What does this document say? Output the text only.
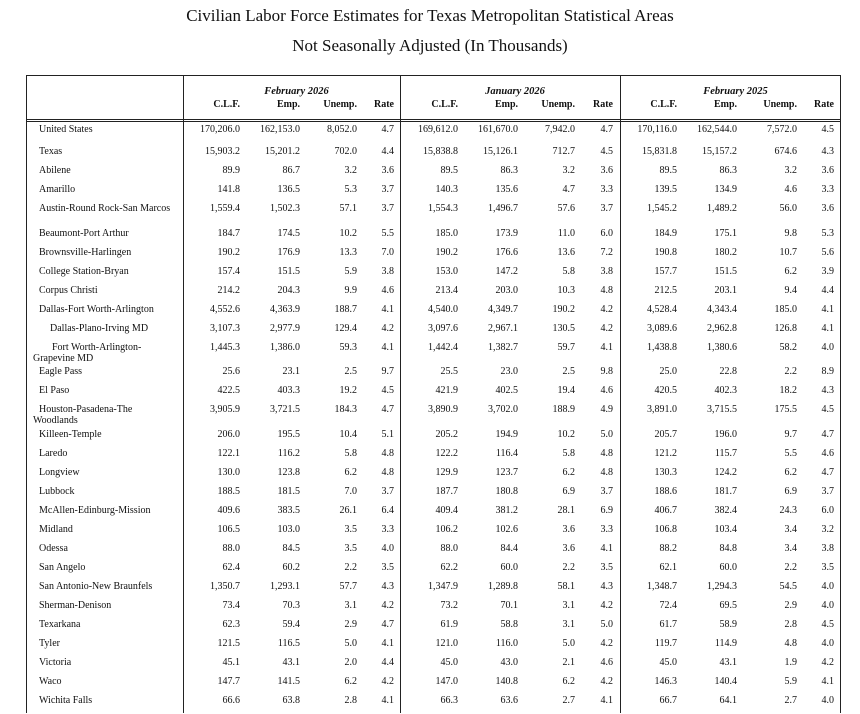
Civilian Labor Force Estimates for Texas Metropolitan Statistical Areas
Not Seasonally Adjusted (In Thousands)
February 2026
C.L.F.	Emp.	Unemp.	Rate
January 2026
C.L.F.	Emp.	Unemp.	Rate
February 2025
C.L.F.	Emp.	Unemp.	Rate
United States	170,206.0	162,153.0	8,052.0	4.7	169,612.0	161,670.0	7,942.0	4.7	170,116.0	162,544.0	7,572.0	4.5
Texas	15,903.2	15,201.2	702.0	4.4	15,838.8	15,126.1	712.7	4.5	15,831.8	15,157.2	674.6	4.3
Abilene	89.9	86.7	3.2	3.6	89.5	86.3	3.2	3.6	89.5	86.3	3.2	3.6
Amarillo	141.8	136.5	5.3	3.7	140.3	135.6	4.7	3.3	139.5	134.9	4.6	3.3
Austin-Round Rock-San Marcos	1,559.4	1,502.3	57.1	3.7	1,554.3	1,496.7	57.6	3.7	1,545.2	1,489.2	56.0	3.6
Beaumont-Port Arthur	184.7	174.5	10.2	5.5	185.0	173.9	11.0	6.0	184.9	175.1	9.8	5.3
Brownsville-Harlingen	190.2	176.9	13.3	7.0	190.2	176.6	13.6	7.2	190.8	180.2	10.7	5.6
College Station-Bryan	157.4	151.5	5.9	3.8	153.0	147.2	5.8	3.8	157.7	151.5	6.2	3.9
Corpus Christi	214.2	204.3	9.9	4.6	213.4	203.0	10.3	4.8	212.5	203.1	9.4	4.4
Dallas-Fort Worth-Arlington	4,552.6	4,363.9	188.7	4.1	4,540.0	4,349.7	190.2	4.2	4,528.4	4,343.4	185.0	4.1
Dallas-Plano-Irving MD	3,107.3	2,977.9	129.4	4.2	3,097.6	2,967.1	130.5	4.2	3,089.6	2,962.8	126.8	4.1
Fort Worth-Arlington-Grapevine MD
1,445.3	1,386.0	59.3	4.1	1,442.4	1,382.7	59.7	4.1	1,438.8	1,380.6	58.2	4.0
Eagle Pass	25.6	23.1	2.5	9.7	25.5	23.0	2.5	9.8	25.0	22.8	2.2	8.9
El Paso	422.5	403.3	19.2	4.5	421.9	402.5	19.4	4.6	420.5	402.3	18.2	4.3
Houston-Pasadena-The Woodlands
3,905.9	3,721.5	184.3	4.7	3,890.9	3,702.0	188.9	4.9	3,891.0	3,715.5	175.5	4.5
Killeen-Temple	206.0	195.5	10.4	5.1	205.2	194.9	10.2	5.0	205.7	196.0	9.7	4.7
Laredo	122.1	116.2	5.8	4.8	122.2	116.4	5.8	4.8	121.2	115.7	5.5	4.6
Longview	130.0	123.8	6.2	4.8	129.9	123.7	6.2	4.8	130.3	124.2	6.2	4.7
Lubbock	188.5	181.5	7.0	3.7	187.7	180.8	6.9	3.7	188.6	181.7	6.9	3.7
McAllen-Edinburg-Mission	409.6	383.5	26.1	6.4	409.4	381.2	28.1	6.9	406.7	382.4	24.3	6.0
Midland	106.5	103.0	3.5	3.3	106.2	102.6	3.6	3.3	106.8	103.4	3.4	3.2
Odessa	88.0	84.5	3.5	4.0	88.0	84.4	3.6	4.1	88.2	84.8	3.4	3.8
San Angelo	62.4	60.2	2.2	3.5	62.2	60.0	2.2	3.5	62.1	60.0	2.2	3.5
San Antonio-New Braunfels	1,350.7	1,293.1	57.7	4.3	1,347.9	1,289.8	58.1	4.3	1,348.7	1,294.3	54.5	4.0
Sherman-Denison	73.4	70.3	3.1	4.2	73.2	70.1	3.1	4.2	72.4	69.5	2.9	4.0
Texarkana	62.3	59.4	2.9	4.7	61.9	58.8	3.1	5.0	61.7	58.9	2.8	4.5
Tyler	121.5	116.5	5.0	4.1	121.0	116.0	5.0	4.2	119.7	114.9	4.8	4.0
Victoria	45.1	43.1	2.0	4.4	45.0	43.0	2.1	4.6	45.0	43.1	1.9	4.2
Waco	147.7	141.5	6.2	4.2	147.0	140.8	6.2	4.2	146.3	140.4	5.9	4.1
Wichita Falls	66.6	63.8	2.8	4.1	66.3	63.6	2.7	4.1	66.7	64.1	2.7	4.0
